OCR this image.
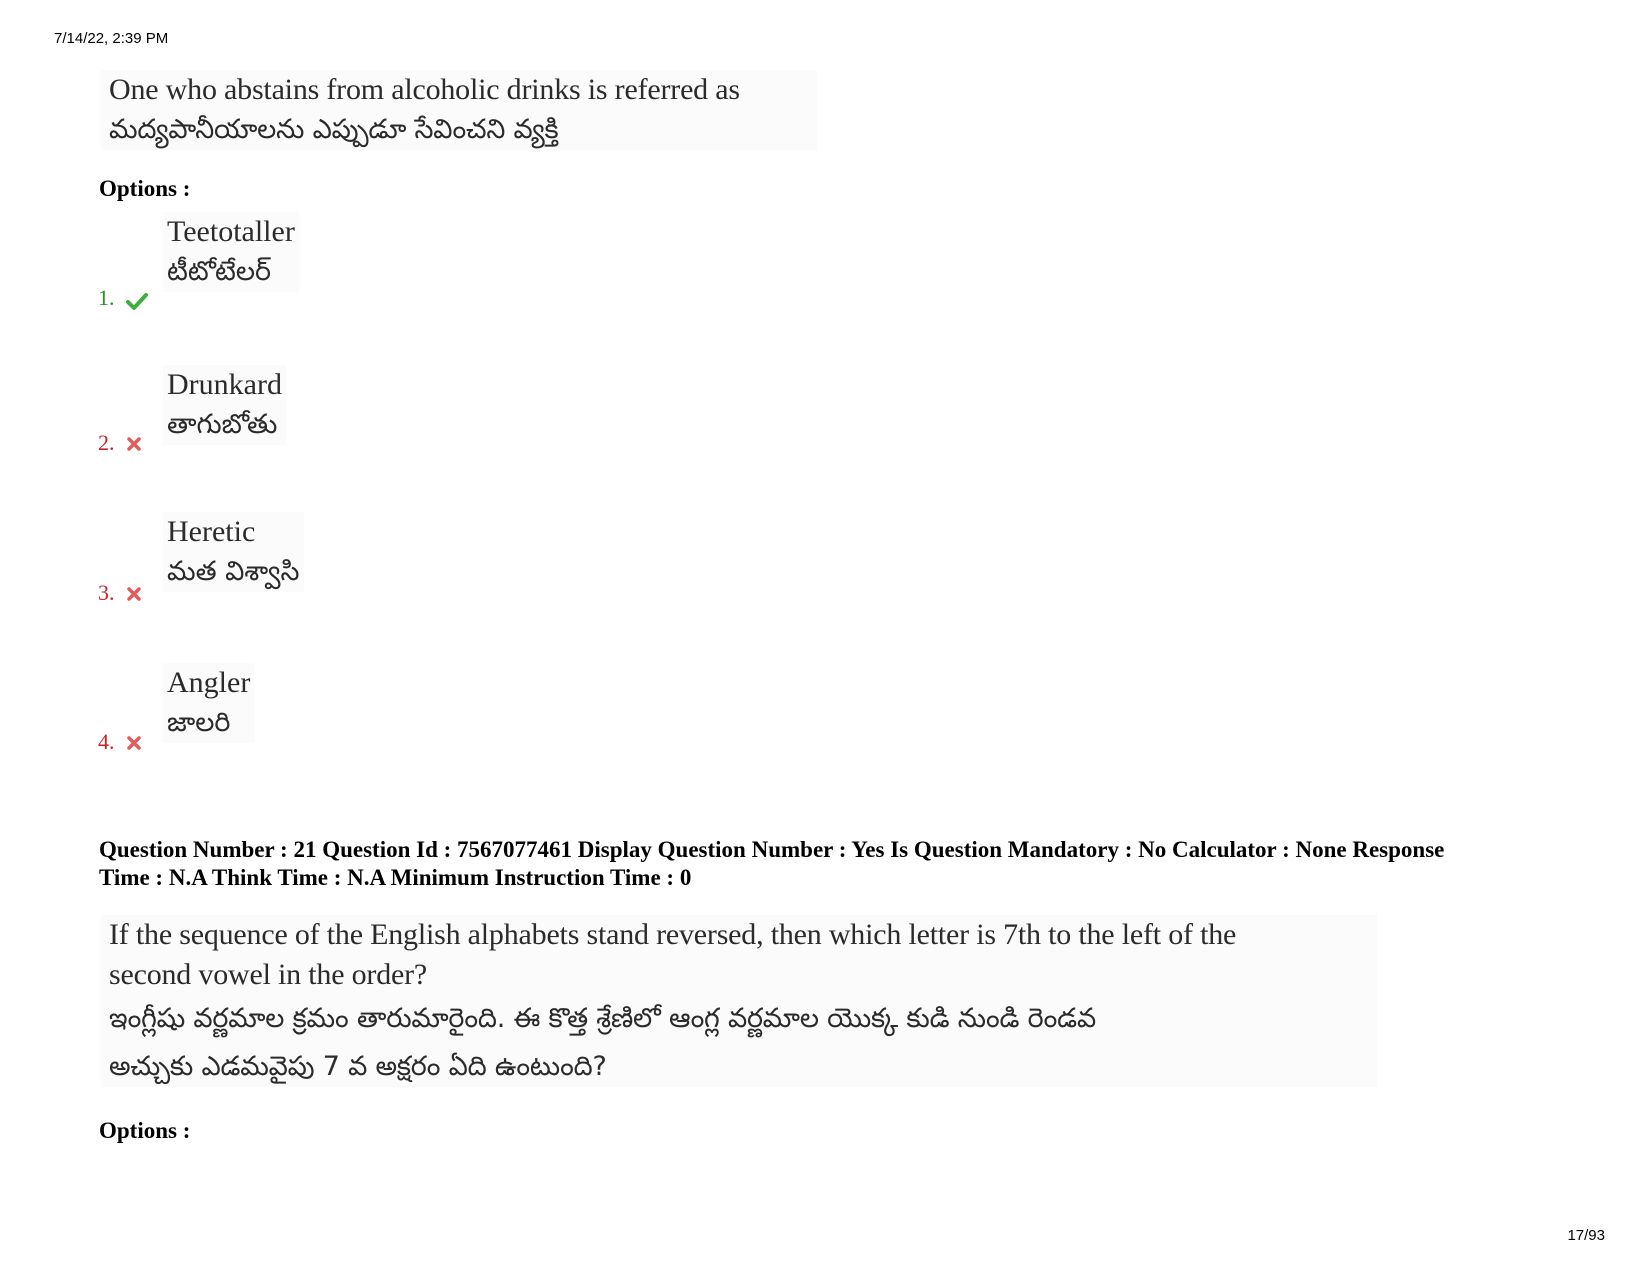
7/14/22, 2:39 PM
One who abstains from alcoholic drinks is referred as
మద్యపానీయాలను ఎప్పుడూ సేవించని వ్యక్తి
Options :
Teetotaller
టీటోటేలర్
1.
Drunkard
తాగుబోతు
2.
Heretic
మత విశ్వాసి
3.
Angler
జాలరి
4.
Question Number : 21 Question Id : 7567077461 Display Question Number : Yes Is Question Mandatory : No Calculator : None Response
Time : N.A Think Time : N.A Minimum Instruction Time : 0
If the sequence of the English alphabets stand reversed, then which letter is 7th to the left of the
second vowel in the order?
ఇంగ్లీషు వర్ణమాల క్రమం తారుమారైంది. ఈ కొత్త శ్రేణిలో ఆంగ్ల వర్ణమాల యొక్క కుడి నుండి రెండవ
అచ్చుకు ఎడమవైపు 7 వ అక్షరం ఏది ఉంటుంది?
Options :
17/93
